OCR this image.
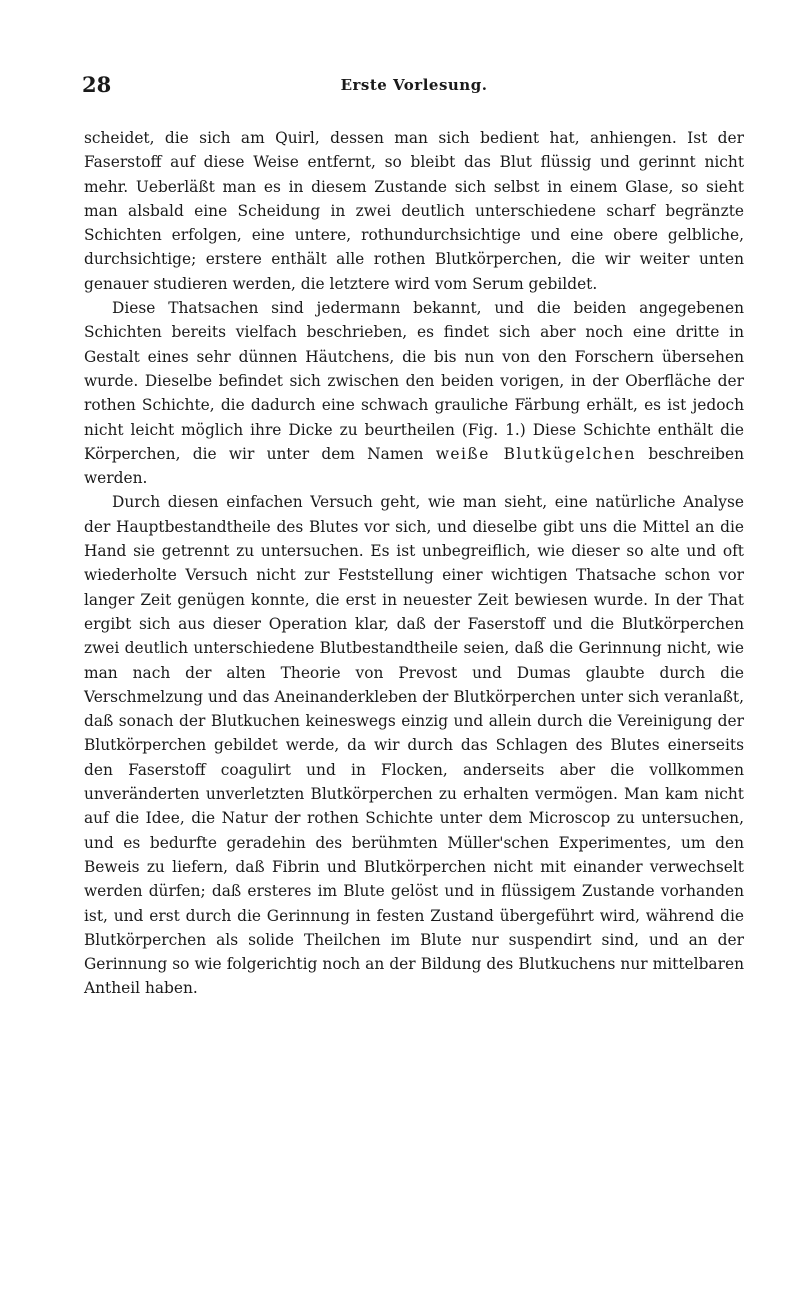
28	Erste Vorlesung.

scheidet, die sich am Quirl, dessen man sich bedient hat, anhiengen. Ist der Faserstoff auf diese Weise entfernt, so bleibt das Blut flüssig und gerinnt nicht mehr. Ueberläßt man es in diesem Zustande sich selbst in einem Glase, so sieht man alsbald eine Scheidung in zwei deutlich unterschiedene scharf begränzte Schichten erfolgen, eine untere, rothundurchsichtige und eine obere gelbliche, durchsichtige; erstere enthält alle rothen Blutkörperchen, die wir weiter unten genauer studieren werden, die letztere wird vom Serum gebildet.

Diese Thatsachen sind jedermann bekannt, und die beiden angegebenen Schichten bereits vielfach beschrieben, es findet sich aber noch eine dritte in Gestalt eines sehr dünnen Häutchens, die bis nun von den Forschern übersehen wurde. Dieselbe befindet sich zwischen den beiden vorigen, in der Oberfläche der rothen Schichte, die dadurch eine schwach grauliche Färbung erhält, es ist jedoch nicht leicht möglich ihre Dicke zu beurtheilen (Fig. 1.) Diese Schichte enthält die Körperchen, die wir unter dem Namen weiße Blutkügelchen beschreiben werden.

Durch diesen einfachen Versuch geht, wie man sieht, eine natürliche Analyse der Hauptbestandtheile des Blutes vor sich, und dieselbe gibt uns die Mittel an die Hand sie getrennt zu untersuchen. Es ist unbegreiflich, wie dieser so alte und oft wiederholte Versuch nicht zur Feststellung einer wichtigen Thatsache schon vor langer Zeit genügen konnte, die erst in neuester Zeit bewiesen wurde. In der That ergibt sich aus dieser Operation klar, daß der Faserstoff und die Blutkörperchen zwei deutlich unterschiedene Blutbestandtheile seien, daß die Gerinnung nicht, wie man nach der alten Theorie von Prevost und Dumas glaubte durch die Verschmelzung und das Aneinanderkleben der Blutkörperchen unter sich veranlaßt, daß sonach der Blutkuchen keineswegs einzig und allein durch die Vereinigung der Blutkörperchen gebildet werde, da wir durch das Schlagen des Blutes einerseits den Faserstoff coagulirt und in Flocken, anderseits aber die vollkommen unveränderten unverletzten Blutkörperchen zu erhalten vermögen. Man kam nicht auf die Idee, die Natur der rothen Schichte unter dem Microscop zu untersuchen, und es bedurfte geradehin des berühmten Müller'schen Experimentes, um den Beweis zu liefern, daß Fibrin und Blutkörperchen nicht mit einander verwechselt werden dürfen; daß ersteres im Blute gelöst und in flüssigem Zustande vorhanden ist, und erst durch die Gerinnung in festen Zustand übergeführt wird, während die Blutkörperchen als solide Theilchen im Blute nur suspendirt sind, und an der Gerinnung so wie folgerichtig noch an der Bildung des Blutkuchens nur mittelbaren Antheil haben.
